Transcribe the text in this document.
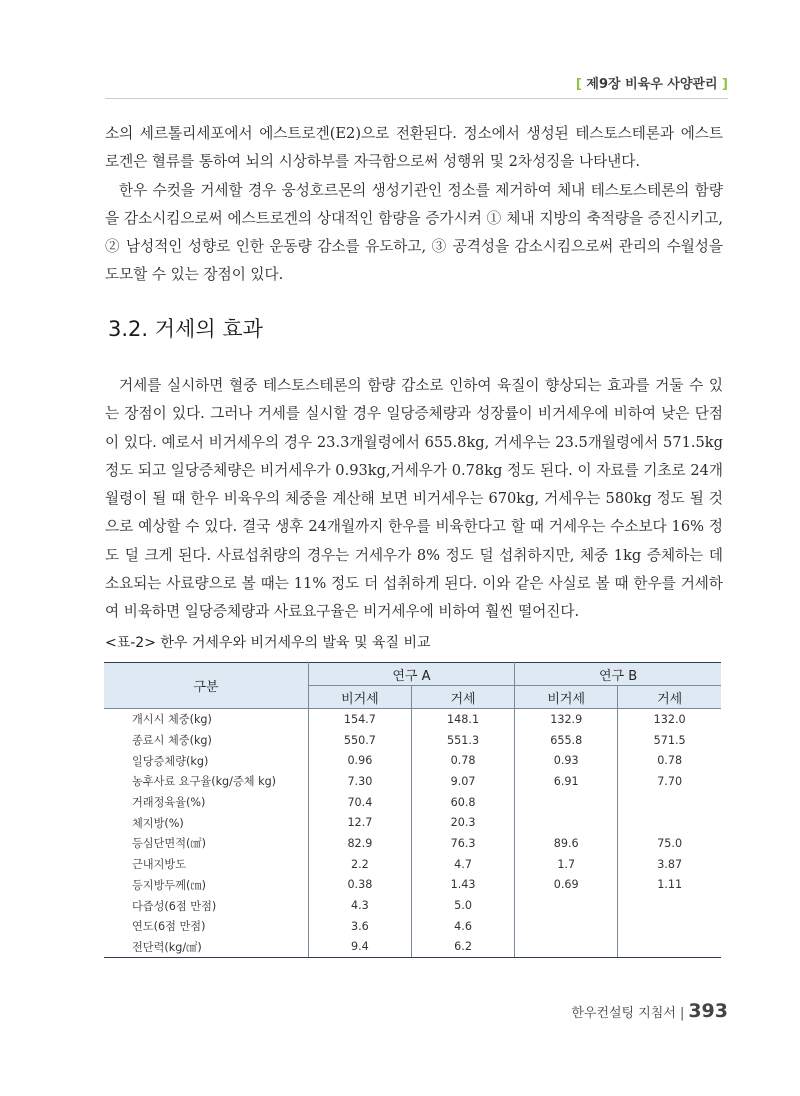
[ 제9장 비육우 사양관리 ]

소의 세르톨리세포에서 에스트로겐(E2)으로 전환된다. 정소에서 생성된 테스토스테론과 에스트로겐은 혈류를 통하여 뇌의 시상하부를 자극함으로써 성행위 및 2차성징을 나타낸다.
한우 수컷을 거세할 경우 웅성호르몬의 생성기관인 정소를 제거하여 체내 테스토스테론의 함량을 감소시킴으로써 에스트로겐의 상대적인 함량을 증가시켜 ① 체내 지방의 축적량을 증진시키고, ② 남성적인 성향로 인한 운동량 감소를 유도하고, ③ 공격성을 감소시킴으로써 관리의 수월성을 도모할 수 있는 장점이 있다.

3.2. 거세의 효과

거세를 실시하면 혈중 테스토스테론의 함량 감소로 인하여 육질이 향상되는 효과를 거둘 수 있는 장점이 있다. 그러나 거세를 실시할 경우 일당증체량과 성장률이 비거세우에 비하여 낮은 단점이 있다. 예로서 비거세우의 경우 23.3개월령에서 655.8kg, 거세우는 23.5개월령에서 571.5kg 정도 되고 일당증체량은 비거세우가 0.93kg,거세우가 0.78kg 정도 된다. 이 자료를 기초로 24개월령이 될 때 한우 비육우의 체중을 계산해 보면 비거세우는 670kg, 거세우는 580kg 정도 될 것으로 예상할 수 있다. 결국 생후 24개월까지 한우를 비육한다고 할 때 거세우는 수소보다 16% 정도 덜 크게 된다. 사료섭취량의 경우는 거세우가 8% 정도 덜 섭취하지만, 체중 1kg 증체하는 데 소요되는 사료량으로 볼 때는 11% 정도 더 섭취하게 된다. 이와 같은 사실로 볼 때 한우를 거세하여 비육하면 일당증체량과 사료요구율은 비거세우에 비하여 훨씬 떨어진다.

<표-2> 한우 거세우와 비거세우의 발육 및 육질 비교
구분	연구 A		연구 B	
	비거세	거세	비거세	거세
개시시 체중(kg)	154.7	148.1	132.9	132.0
종료시 체중(kg)	550.7	551.3	655.8	571.5
일당증체량(kg)	0.96	0.78	0.93	0.78
농후사료 요구율(kg/증체 kg)	7.30	9.07	6.91	7.70
거래정육율(%)	70.4	60.8		
체지방(%)	12.7	20.3		
등심단면적(㎠)	82.9	76.3	89.6	75.0
근내지방도	2.2	4.7	1.7	3.87
등지방두께(㎝)	0.38	1.43	0.69	1.11
다즙성(6점 만점)	4.3	5.0		
연도(6점 만점)	3.6	4.6		
전단력(kg/㎠)	9.4	6.2		
한우컨설팅 지침서 | 393
